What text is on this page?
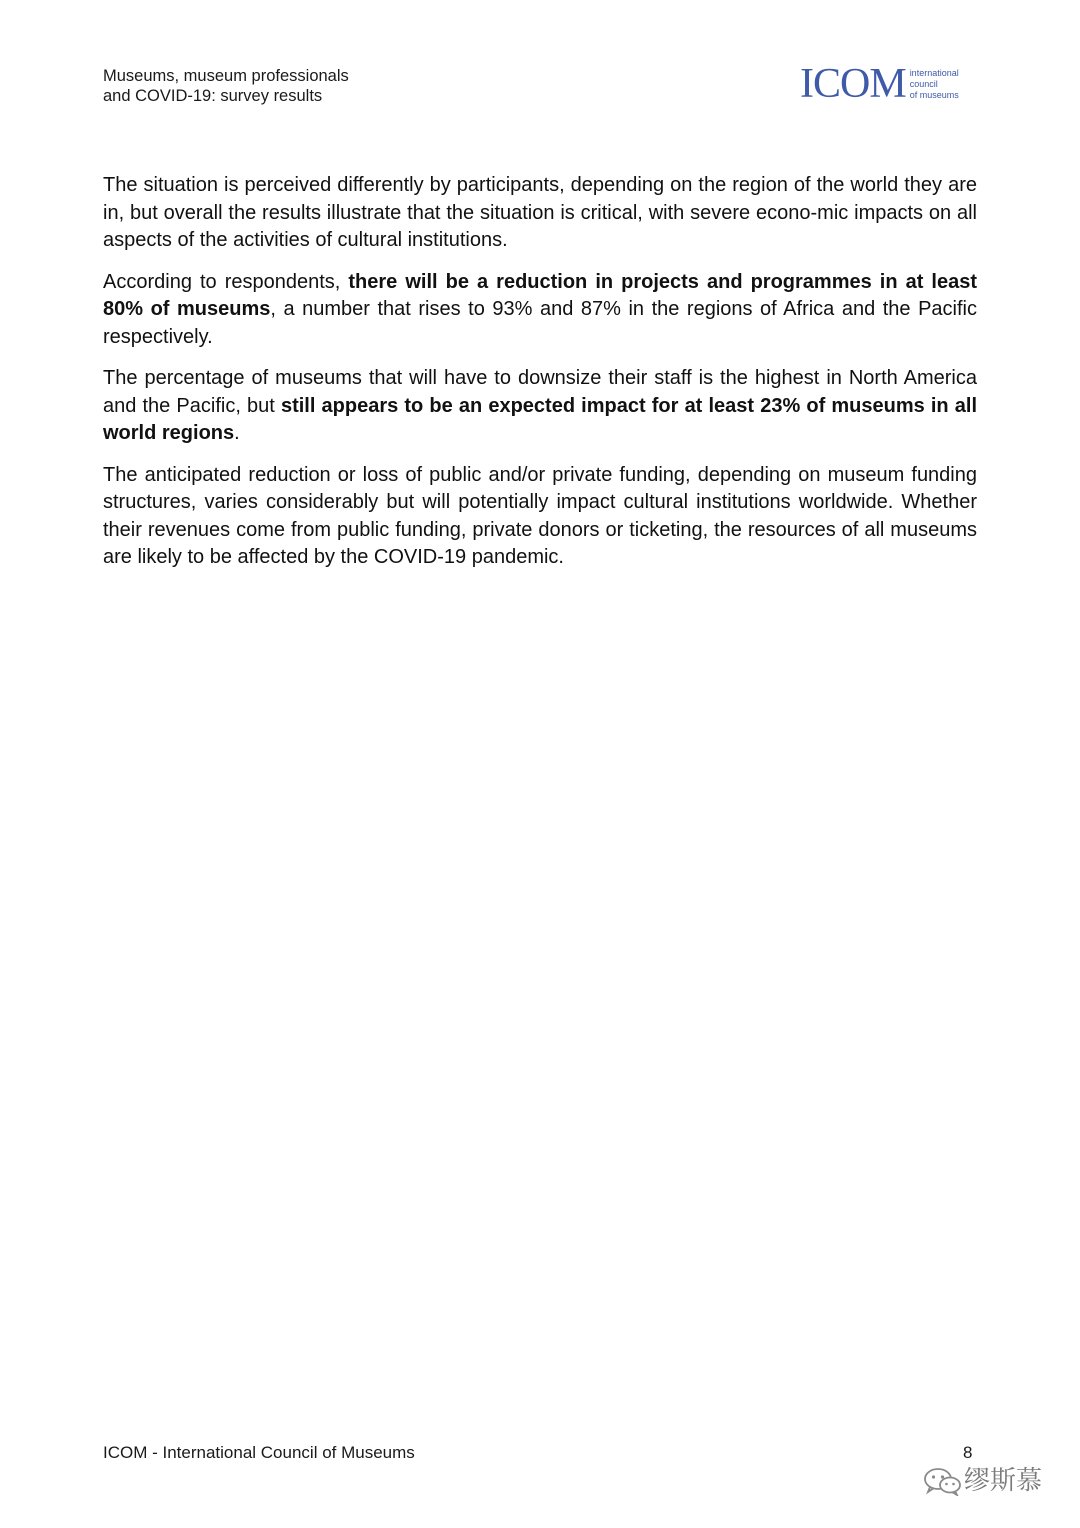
Museums, museum professionals
and COVID-19: survey results	ICOM international
council
of museums

The situation is perceived differently by participants, depending on the region of the world they are in, but overall the results illustrate that the situation is critical, with severe econo-mic impacts on all aspects of the activities of cultural institutions.

According to respondents, there will be a reduction in projects and programmes in at least 80% of museums, a number that rises to 93% and 87% in the regions of Africa and the Pacific respectively.

The percentage of museums that will have to downsize their staff is the highest in North America and the Pacific, but still appears to be an expected impact for at least 23% of museums in all world regions.

The anticipated reduction or loss of public and/or private funding, depending on museum funding structures, varies considerably but will potentially impact cultural institutions worldwide. Whether their revenues come from public funding, private donors or ticketing, the resources of all museums are likely to be affected by the COVID-19 pandemic.

ICOM - International Council of Museums	8
缪斯慕
